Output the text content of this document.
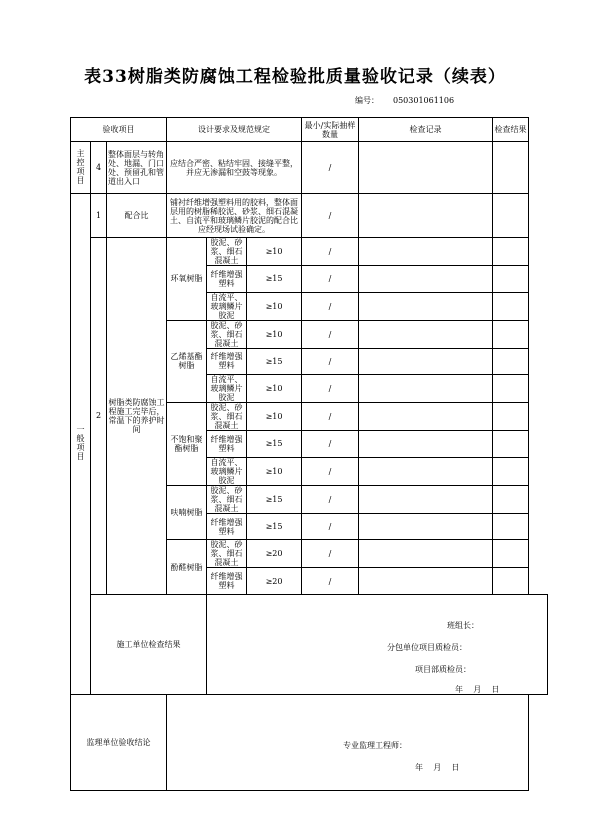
表33树脂类防腐蚀工程检验批质量验收记录（续表）
编号： 050301061106
验收项目			设计要求及规范规定			最小/实际抽样数量	检查记录	检查结果
主控项目	4	整体面层与转角处、地漏、门口处、预留孔和管道出入口	应结合严密、粘结牢固、接缝平整，并应无渗漏和空鼓等现象。			/		
一般项目	1	配合比	铺衬纤维增强塑料用的胶料，整体面层用的树脂稀胶泥、砂浆、细石混凝土、自流平和玻璃鳞片胶泥的配合比应经现场试验确定。			/		
	2	树脂类防腐蚀工程施工完毕后，常温下的养护时间	环氧树脂	胶泥、砂浆、细石混凝土	≥10	/		
				纤维增强塑料	≥15	/		
				自流平、玻璃鳞片胶泥	≥10	/		
			乙烯基酯树脂	胶泥、砂浆、细石混凝土	≥10	/		
				纤维增强塑料	≥15	/		
				自流平、玻璃鳞片胶泥	≥10	/		
			不饱和聚酯树脂	胶泥、砂浆、细石混凝土	≥10	/		
				纤维增强塑料	≥15	/		
				自流平、玻璃鳞片胶泥	≥10	/		
			呋喃树脂	胶泥、砂浆、细石混凝土	≥15	/		
				纤维增强塑料	≥15	/		
			酚醛树脂	胶泥、砂浆、细石混凝土	≥20	/		
				纤维增强塑料	≥20	/		
	施工单位检查结果			班组长：
分包单位项目质检员：
项目部质检员：
年    月    日				

监理单位验收结论			专业监理工程师：
年    月    日					
